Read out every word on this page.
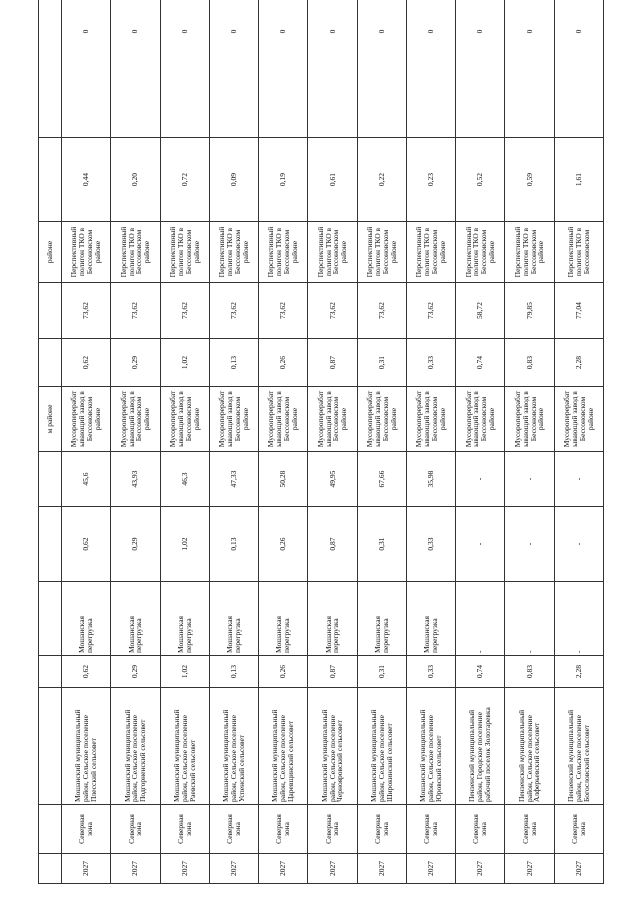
							м районе			районе		
2027	Северная зона	Мошанский муниципальный район, Сельское поселение Плесский сельсовет	0,62	Мошанская перегрузка	0,62	45,6	Мусороперерабатывающий завод в Бессоновском районе	0,62	73,62	Перспективный полигон ТКО в Бессоновском районе	0,44	0
2027	Северная зона	Мошанский муниципальный район, Сельское поселение Подгорненский сельсовет	0,29	Мошанская перегрузка	0,29	43,93	Мусороперерабатывающий завод в Бессоновском районе	0,29	73,62	Перспективный полигон ТКО в Бессоновском районе	0,20	0
2027	Северная зона	Мошанский муниципальный район, Сельское поселение Раевский сельсовет	1,02	Мошанская перегрузка	1,02	46,3	Мусороперерабатывающий завод в Бессоновском районе	1,02	73,62	Перспективный полигон ТКО в Бессоновском районе	0,72	0
2027	Северная зона	Мошанский муниципальный район, Сельское поселение Успенский сельсовет	0,13	Мошанская перегрузка	0,13	47,33	Мусороперерабатывающий завод в Бессоновском районе	0,13	73,62	Перспективный полигон ТКО в Бессоновском районе	0,09	0
2027	Северная зона	Мошанский муниципальный район, Сельское поселение Царевщинский сельсовет	0,26	Мошанская перегрузка	0,26	50,28	Мусороперерабатывающий завод в Бессоновском районе	0,26	73,62	Перспективный полигон ТКО в Бессоновском районе	0,19	0
2027	Северная зона	Мошанский муниципальный район, Сельское поселение Чернояровский сельсовет	0,87	Мошанская перегрузка	0,87	49,95	Мусороперерабатывающий завод в Бессоновском районе	0,87	73,62	Перспективный полигон ТКО в Бессоновском районе	0,61	0
2027	Северная зона	Мошанский муниципальный район, Сельское поселение Широкинский сельсовет	0,31	Мошанская перегрузка	0,31	67,66	Мусороперерабатывающий завод в Бессоновском районе	0,31	73,62	Перспективный полигон ТКО в Бессоновском районе	0,22	0
2027	Северная зона	Мошанский муниципальный район, Сельское поселение Юровский сельсовет	0,33	Мошанская перегрузка	0,33	35,98	Мусороперерабатывающий завод в Бессоновском районе	0,33	73,62	Перспективный полигон ТКО в Бессоновском районе	0,23	0
2027	Северная зона	Пензенский муниципальный район, Городское поселение рабочий поселок Золотаревка	0,74	-	-	-	Мусороперерабатывающий завод в Бессоновском районе	0,74	58,72	Перспективный полигон ТКО в Бессоновском районе	0,52	0
2027	Северная зона	Пензенский муниципальный район, Сельское поселение Алферьевский сельсовет	0,83	-	-	-	Мусороперерабатывающий завод в Бессоновском районе	0,83	79,85	Перспективный полигон ТКО в Бессоновском районе	0,59	0
2027	Северная зона	Пензенский муниципальный район, Сельское поселение Богословский сельсовет	2,28	-	-	-	Мусороперерабатывающий завод в Бессоновском районе	2,28	77,04	Перспективный полигон ТКО в Бессоновском	1,61	0
